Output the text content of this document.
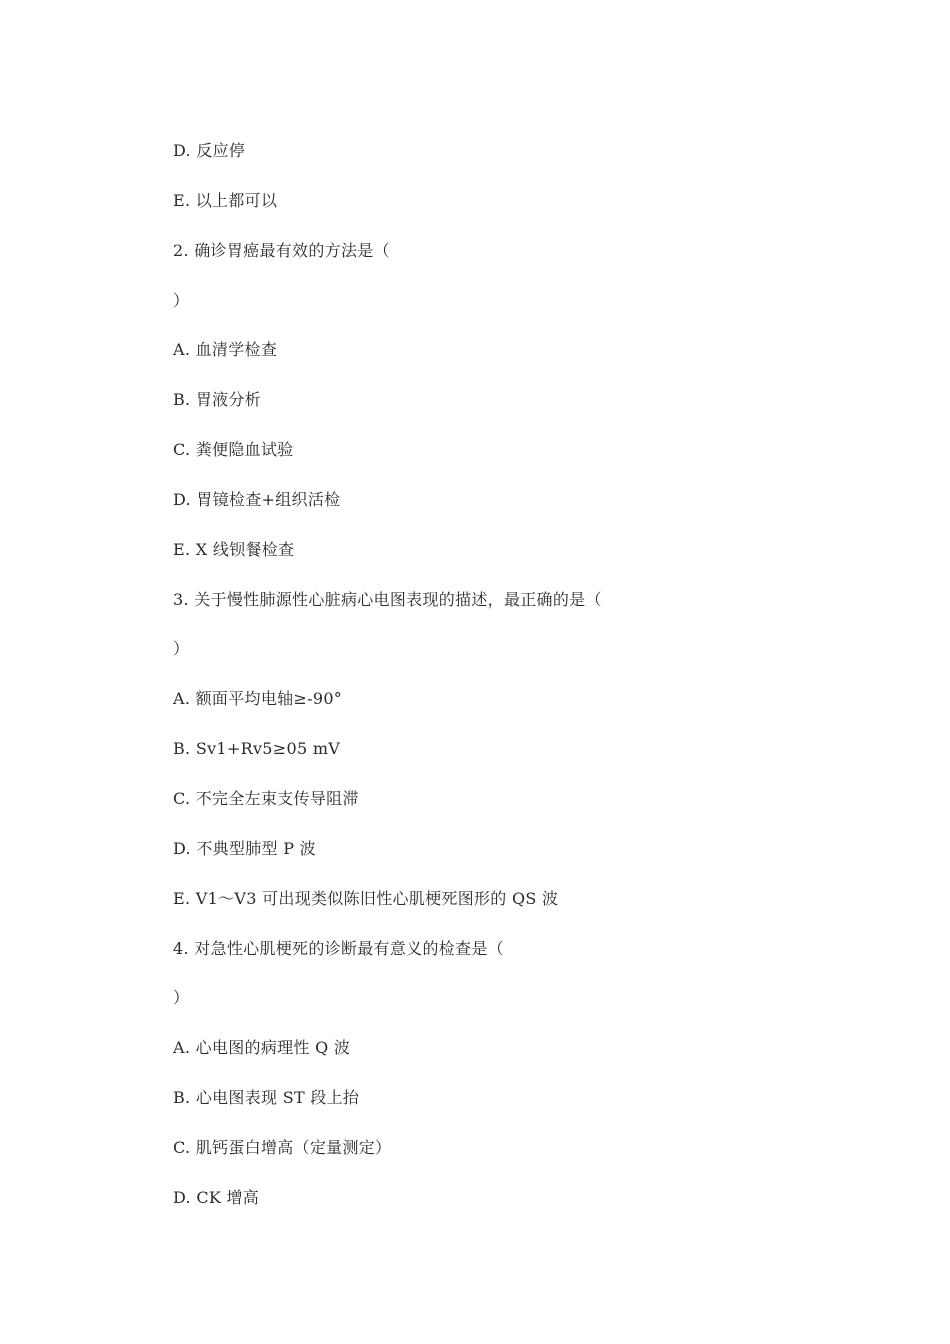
D. 反应停
E. 以上都可以
2. 确诊胃癌最有效的方法是（
）
A. 血清学检查
B. 胃液分析
C. 粪便隐血试验
D. 胃镜检查+组织活检
E. X 线钡餐检查
3. 关于慢性肺源性心脏病心电图表现的描述，最正确的是（
）
A. 额面平均电轴≥-90°
B. Sv1+Rv5≥05 mV
C. 不完全左束支传导阻滞
D. 不典型肺型 P 波
E. V1～V3 可出现类似陈旧性心肌梗死图形的 QS 波
4. 对急性心肌梗死的诊断最有意义的检查是（
）
A. 心电图的病理性 Q 波
B. 心电图表现 ST 段上抬
C. 肌钙蛋白增高（定量测定）
D. CK 增高
